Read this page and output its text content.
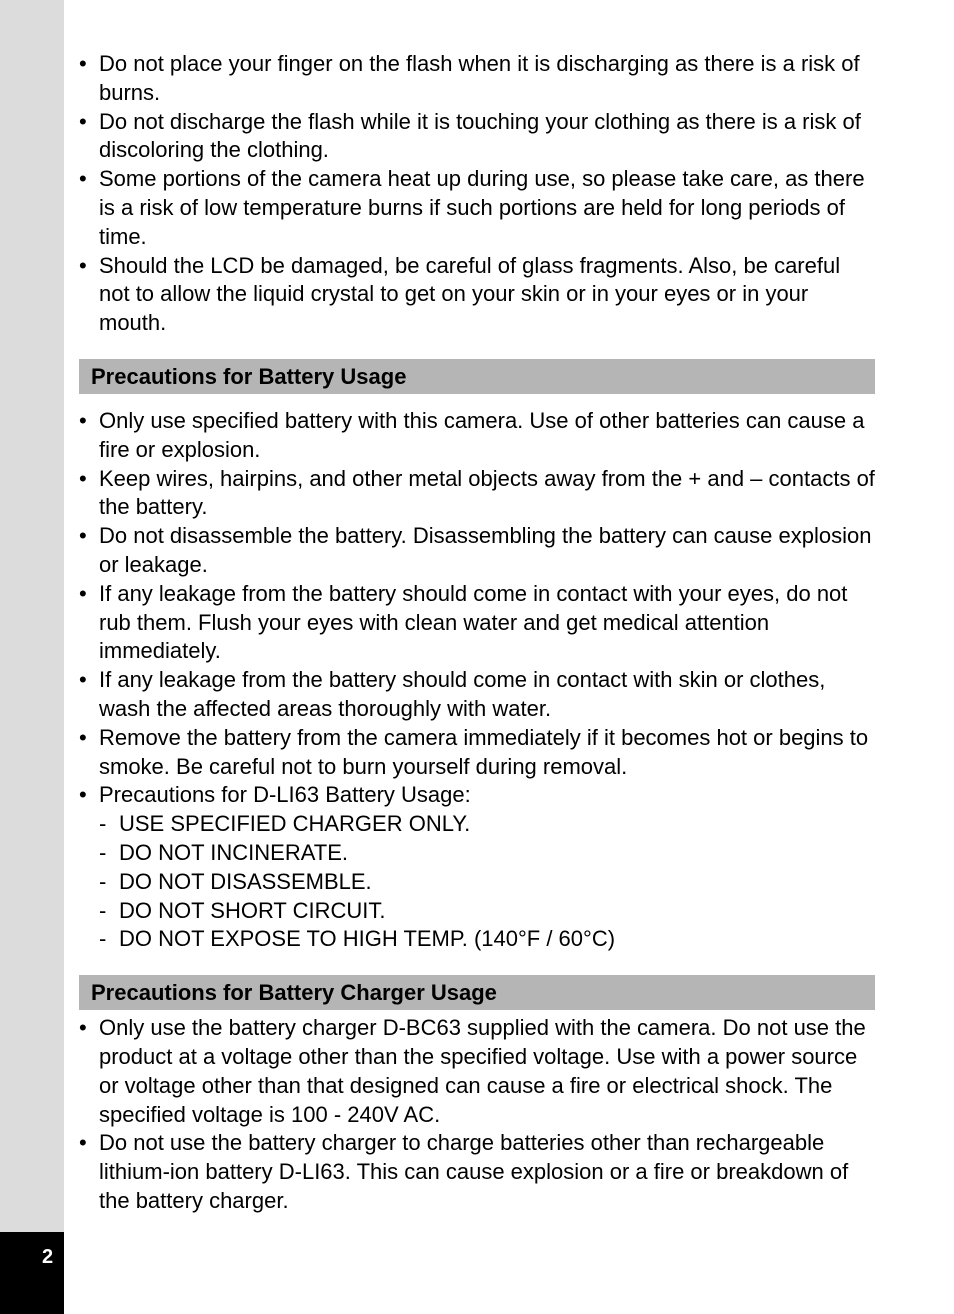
2
• Do not place your finger on the flash when it is discharging as there is a risk of burns.
• Do not discharge the flash while it is touching your clothing as there is a risk of discoloring the clothing.
• Some portions of the camera heat up during use, so please take care, as there is a risk of low temperature burns if such portions are held for long periods of time.
• Should the LCD be damaged, be careful of glass fragments. Also, be careful not to allow the liquid crystal to get on your skin or in your eyes or in your mouth.
Precautions for Battery Usage
• Only use specified battery with this camera. Use of other batteries can cause a fire or explosion.
• Keep wires, hairpins, and other metal objects away from the + and – contacts of the battery.
• Do not disassemble the battery. Disassembling the battery can cause explosion or leakage.
• If any leakage from the battery should come in contact with your eyes, do not rub them. Flush your eyes with clean water and get medical attention immediately.
• If any leakage from the battery should come in contact with skin or clothes, wash the affected areas thoroughly with water.
• Remove the battery from the camera immediately if it becomes hot or begins to smoke. Be careful not to burn yourself during removal.
• Precautions for D-LI63 Battery Usage:
- USE SPECIFIED CHARGER ONLY.
- DO NOT INCINERATE.
- DO NOT DISASSEMBLE.
- DO NOT SHORT CIRCUIT.
- DO NOT EXPOSE TO HIGH TEMP. (140°F / 60°C)
Precautions for Battery Charger Usage
• Only use the battery charger D-BC63 supplied with the camera. Do not use the product at a voltage other than the specified voltage. Use with a power source or voltage other than that designed can cause a fire or electrical shock. The specified voltage is 100 - 240V AC.
• Do not use the battery charger to charge batteries other than rechargeable lithium-ion battery D-LI63. This can cause explosion or a fire or breakdown of the battery charger.
